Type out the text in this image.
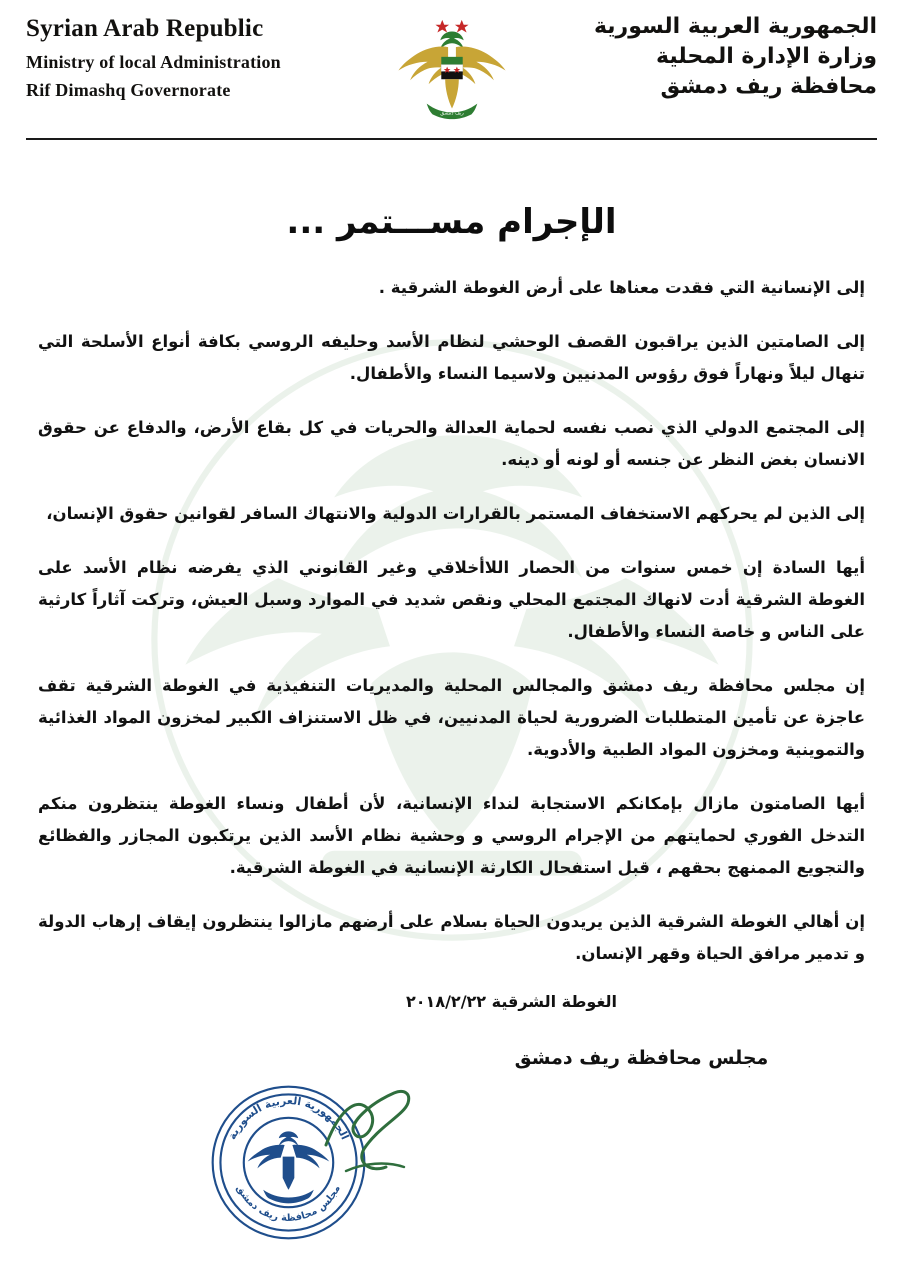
Syrian Arab Republic
Ministry of local Administration
Rif Dimashq Governorate
ريف دمشق
الجمهورية العربية السورية
وزارة الإدارة المحلية
محافظة ريف دمشق
الإجرام مســـتمر ...

إلى الإنسانية التي فقدت معناها على أرض الغوطة الشرقية .

إلى الصامتين الذين يراقبون القصف الوحشي لنظام الأسد وحليفه الروسي بكافة أنواع الأسلحة التي تنهال ليلاً ونهاراً فوق رؤوس المدنيين ولاسيما النساء والأطفال.

إلى المجتمع الدولي الذي نصب نفسه لحماية العدالة والحريات في كل بقاع الأرض، والدفاع عن حقوق الانسان بغض النظر عن جنسه أو لونه أو دينه.

إلى الذين لم يحركهم الاستخفاف المستمر بالقرارات الدولية والانتهاك السافر لقوانين حقوق الإنسان،

أيها السادة إن خمس سنوات من الحصار اللاأخلاقي وغير القانوني الذي يفرضه نظام الأسد على الغوطة الشرقية أدت لانهاك المجتمع المحلي ونقص شديد في الموارد وسبل العيش، وتركت آثاراً كارثية على الناس و خاصة النساء والأطفال.

إن مجلس محافظة ريف دمشق والمجالس المحلية والمديريات التنفيذية في الغوطة الشرقية تقف عاجزة عن تأمين المتطلبات الضرورية لحياة المدنيين، في ظل الاستنزاف الكبير لمخزون المواد الغذائية والتموينية ومخزون المواد الطبية والأدوية.

أيها الصامتون مازال بإمكانكم الاستجابة لنداء الإنسانية، لأن أطفال ونساء الغوطة ينتظرون منكم التدخل الفوري لحمايتهم من الإجرام الروسي و وحشية نظام الأسد الذين يرتكبون المجازر والفظائع والتجويع الممنهج بحقهم ، قبل استفحال الكارثة الإنسانية في الغوطة الشرقية.

إن أهالي الغوطة الشرقية الذين يريدون الحياة بسلام على أرضهم مازالوا ينتظرون إيقاف إرهاب الدولة و تدمير مرافق الحياة وقهر الإنسان.

الغوطة الشرقية ٢٠١٨/٢/٢٢
مجلس محافظة ريف دمشق
الجمهورية العربية السورية
مجلس محافظة ريف دمشق
